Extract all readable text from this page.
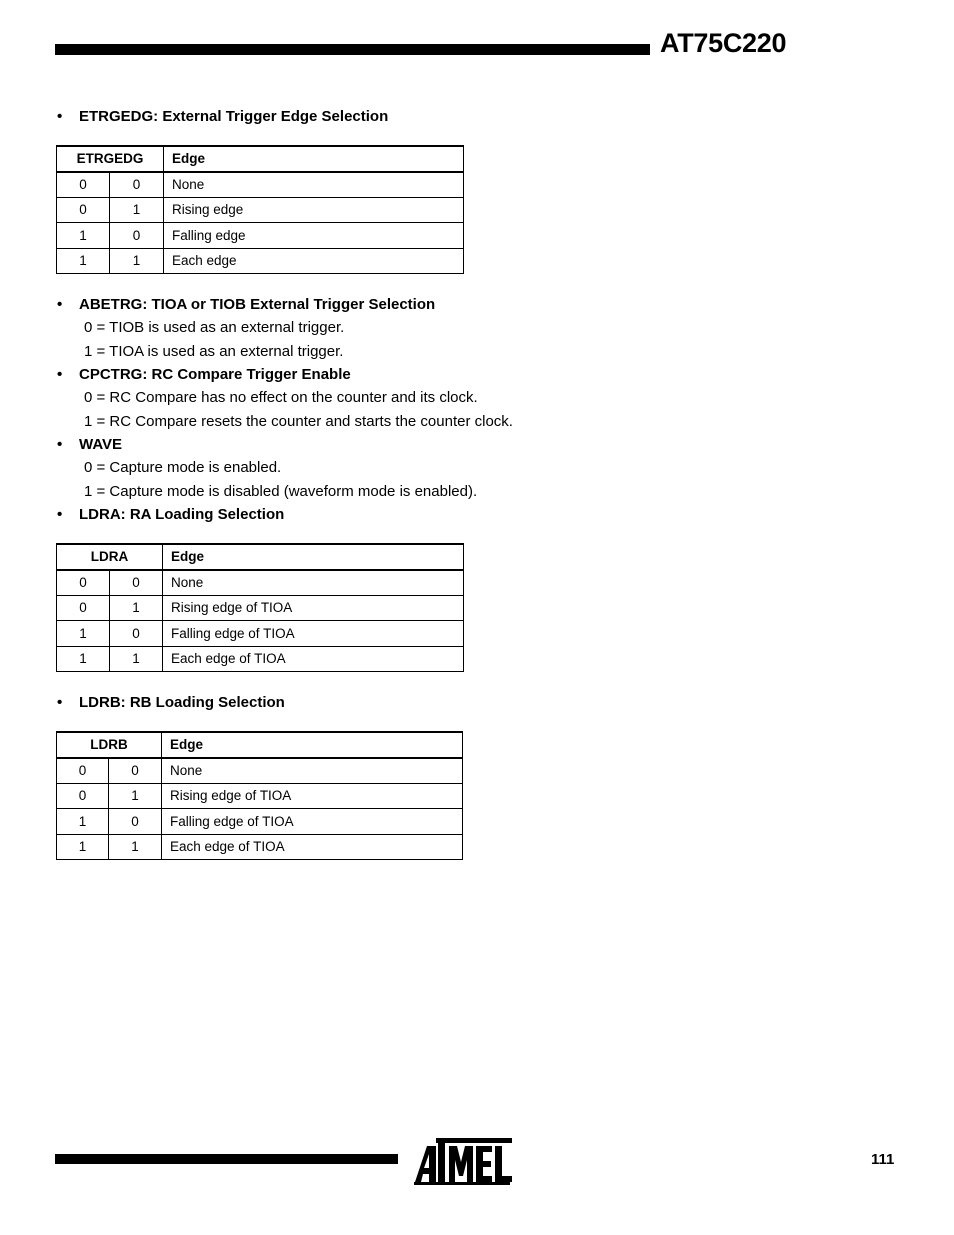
AT75C220
• ETRGEDG: External Trigger Edge Selection
ETRGEDG		Edge
0	0	None
0	1	Rising edge
1	0	Falling edge
1	1	Each edge
• ABETRG: TIOA or TIOB External Trigger Selection
0 = TIOB is used as an external trigger.
1 = TIOA is used as an external trigger.
• CPCTRG: RC Compare Trigger Enable
0 = RC Compare has no effect on the counter and its clock.
1 = RC Compare resets the counter and starts the counter clock.
• WAVE
0 = Capture mode is enabled.
1 = Capture mode is disabled (waveform mode is enabled).
• LDRA: RA Loading Selection
LDRA		Edge
0	0	None
0	1	Rising edge of TIOA
1	0	Falling edge of TIOA
1	1	Each edge of TIOA
• LDRB: RB Loading Selection
LDRB		Edge
0	0	None
0	1	Rising edge of TIOA
1	0	Falling edge of TIOA
1	1	Each edge of TIOA
111
